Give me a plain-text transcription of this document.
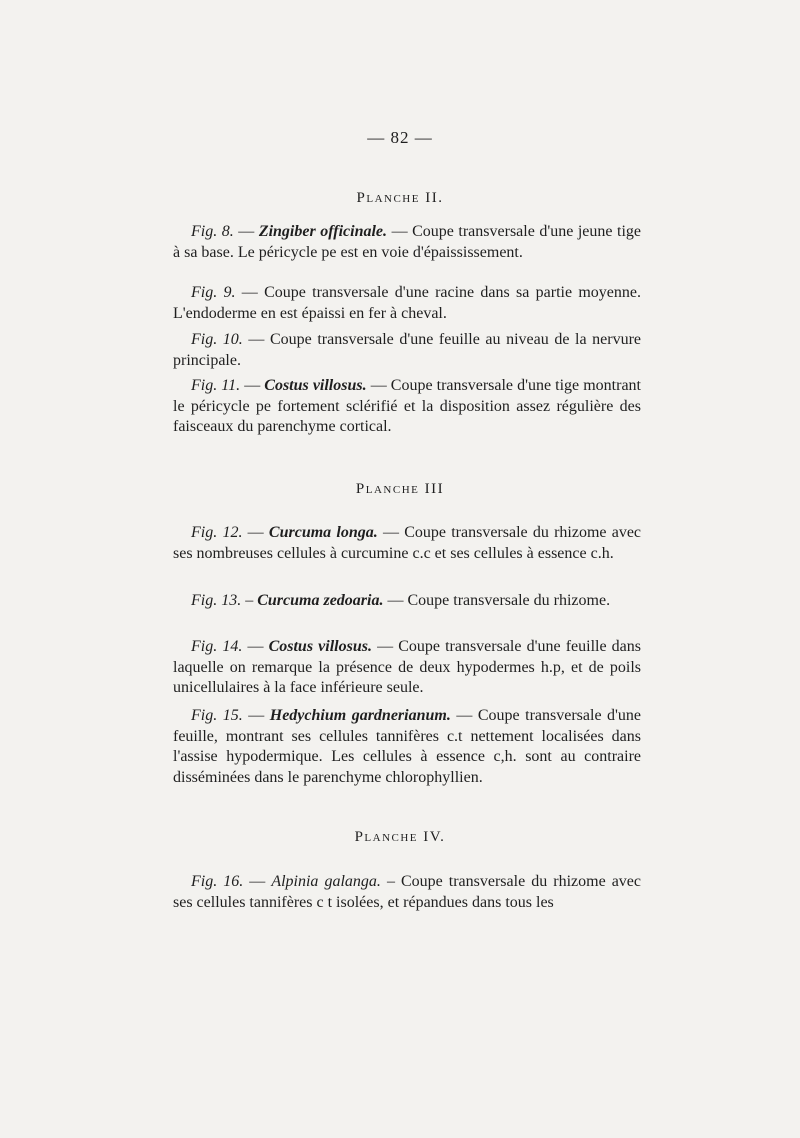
— 82 —
Planche II.

Fig. 8. — Zingiber officinale. — Coupe transversale d'une jeune tige à sa base. Le péricycle pe est en voie d'épaississement.

Fig. 9. — Coupe transversale d'une racine dans sa partie moyenne. L'endoderme en est épaissi en fer à cheval.

Fig. 10. — Coupe transversale d'une feuille au niveau de la nervure principale.

Fig. 11. — Costus villosus. — Coupe transversale d'une tige montrant le péricycle pe fortement sclérifié et la disposition assez régulière des faisceaux du parenchyme cortical.

Planche III

Fig. 12. — Curcuma longa. — Coupe transversale du rhizome avec ses nombreuses cellules à curcumine c.c et ses cellules à essence c.h.

Fig. 13. – Curcuma zedoaria. — Coupe transversale du rhizome.

Fig. 14. — Costus villosus. — Coupe transversale d'une feuille dans laquelle on remarque la présence de deux hypodermes h.p, et de poils unicellulaires à la face inférieure seule.

Fig. 15. — Hedychium gardnerianum. — Coupe transversale d'une feuille, montrant ses cellules tannifères c.t nettement localisées dans l'assise hypodermique. Les cellules à essence c,h. sont au contraire disséminées dans le parenchyme chlorophyllien.

Planche IV.

Fig. 16. — Alpinia galanga. – Coupe transversale du rhizome avec ses cellules tannifères c t isolées, et répandues dans tous les
